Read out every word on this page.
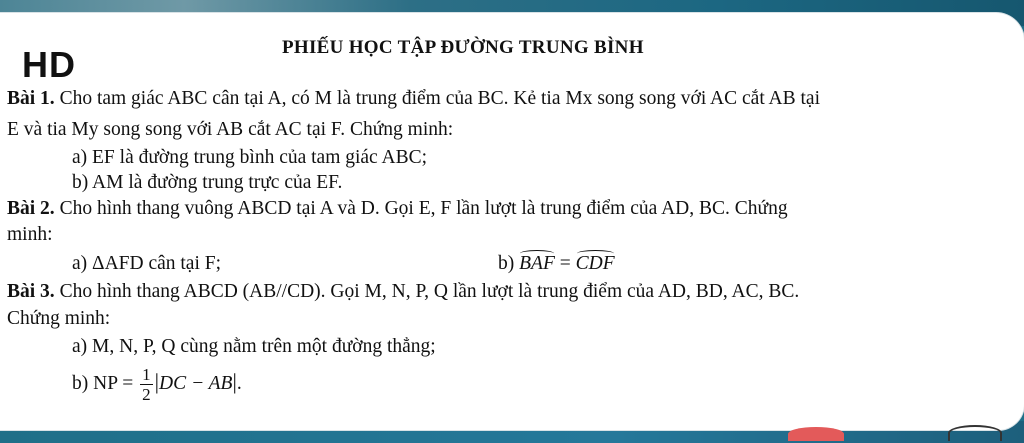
HD	PHIẾU HỌC TẬP ĐƯỜNG TRUNG BÌNH
Bài 1. Cho tam giác ABC cân tại A, có M là trung điểm của BC. Kẻ tia Mx song song với AC cắt AB tại
E và tia My song song với AB cắt AC tại F. Chứng minh:
a) EF là đường trung bình của tam giác ABC;
b) AM là đường trung trực của EF.
Bài 2. Cho hình thang vuông ABCD tại A và D. Gọi E, F lần lượt là trung điểm của AD, BC. Chứng
minh:
a) ΔAFD cân tại F;	b) BAF = CDF
Bài 3. Cho hình thang ABCD (AB//CD). Gọi M, N, P, Q lần lượt là trung điểm của AD, BD, AC, BC.
Chứng minh:
a) M, N, P, Q cùng nằm trên một đường thẳng;
b) NP = $\frac{1}{2} |DC - AB|$.
